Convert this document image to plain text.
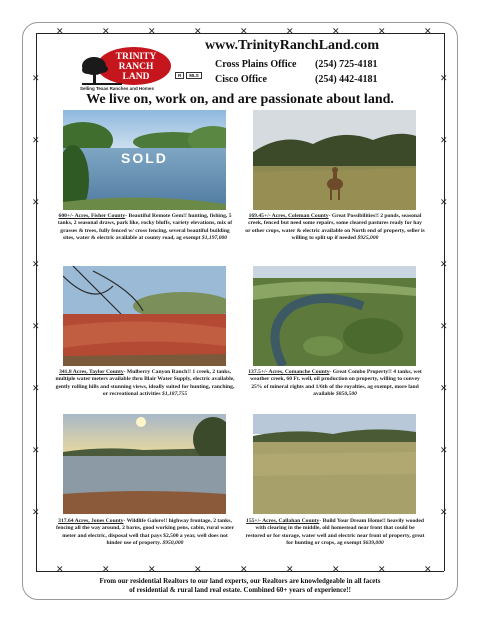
✕
✕
✕
✕
✕
✕
✕
✕
✕
✕
✕
✕
✕
✕
✕
✕
✕
✕
✕	✕
✕	✕
✕	✕
✕	✕
✕	✕
✕	✕
✕	✕
✕	✕
TRINITY
RANCH
LAND
Selling Texas Ranches and Homes
R	MLS
www.TrinityRanchLand.com
Cross Plains Office (254) 725-4181
Cisco Office	(254) 442-4181
We live on, work on, and are passionate about land.
SOLD
600+/- Acres, Fisher County- Beautiful Remote Gem!! hunting, fishing, 5 tanks, 2 seasonal draws, park like, rocky bluffs, variety elevations, mix of grasses & trees, fully fenced w/ cross fencing, several beautiful building sites, water & electric available at county road, ag exempt $1,197,000
169.45+/- Acres, Coleman County- Great Possibilities!! 2 ponds, seasonal creek, fenced but need some repairs, some cleared pastures ready for hay or other crops, water & electric available on North end of property, seller is willing to split up if needed $925,000
341.8 Acres, Taylor County- Mulberry Canyon Ranch!! 1 creek, 2 tanks, multiple water meters available thru Blair Water Supply, electric available, gently rolling hills and stunning views, ideally suited for hunting, ranching, or recreational activities $1,187,755
137.5+/- Acres, Comanche County- Great Combo Property!! 4 tanks, wet weather creek, 60 Ft. well, oil production on property, willing to convey 25% of mineral rights and 1/6th of the royalties, ag exempt, more land available $850,500
317.64 Acres, Jones County- Wildlife Galore!! highway frontage, 2 tanks, fencing all the way around, 2 barns, good working pens, cabin, rural water meter and electric, disposal well that pays $2,500 a year, well does not hinder use of property. $950,000
155+/- Acres, Callahan County- Build Your Dream Home!! heavily wooded with clearing in the middle, old homestead near front that could be restored or for storage, water well and electric near front of property, great for hunting or crops, ag exempt $639,000
From our residential Realtors to our land experts, our Realtors are knowledgeable in all facets
of residential & rural land real estate. Combined 60+ years of experience!!
